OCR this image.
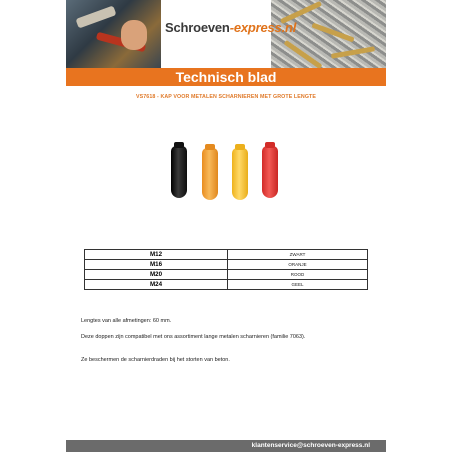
Schroeven-express.nl
Technisch blad
VS7618 - KAP VOOR METALEN SCHARNIEREN MET GROTE LENGTE
M12	ZWART
M16	ORANJE
M20	ROOD
M24	GEEL
Lengtes van alle afmetingen: 60 mm.
Deze doppen zijn compatibel met ons assortiment lange metalen scharnieren (familie 7063).
Ze beschermen de scharnierdraden bij het storten van beton.
klantenservice@schroeven-express.nl
